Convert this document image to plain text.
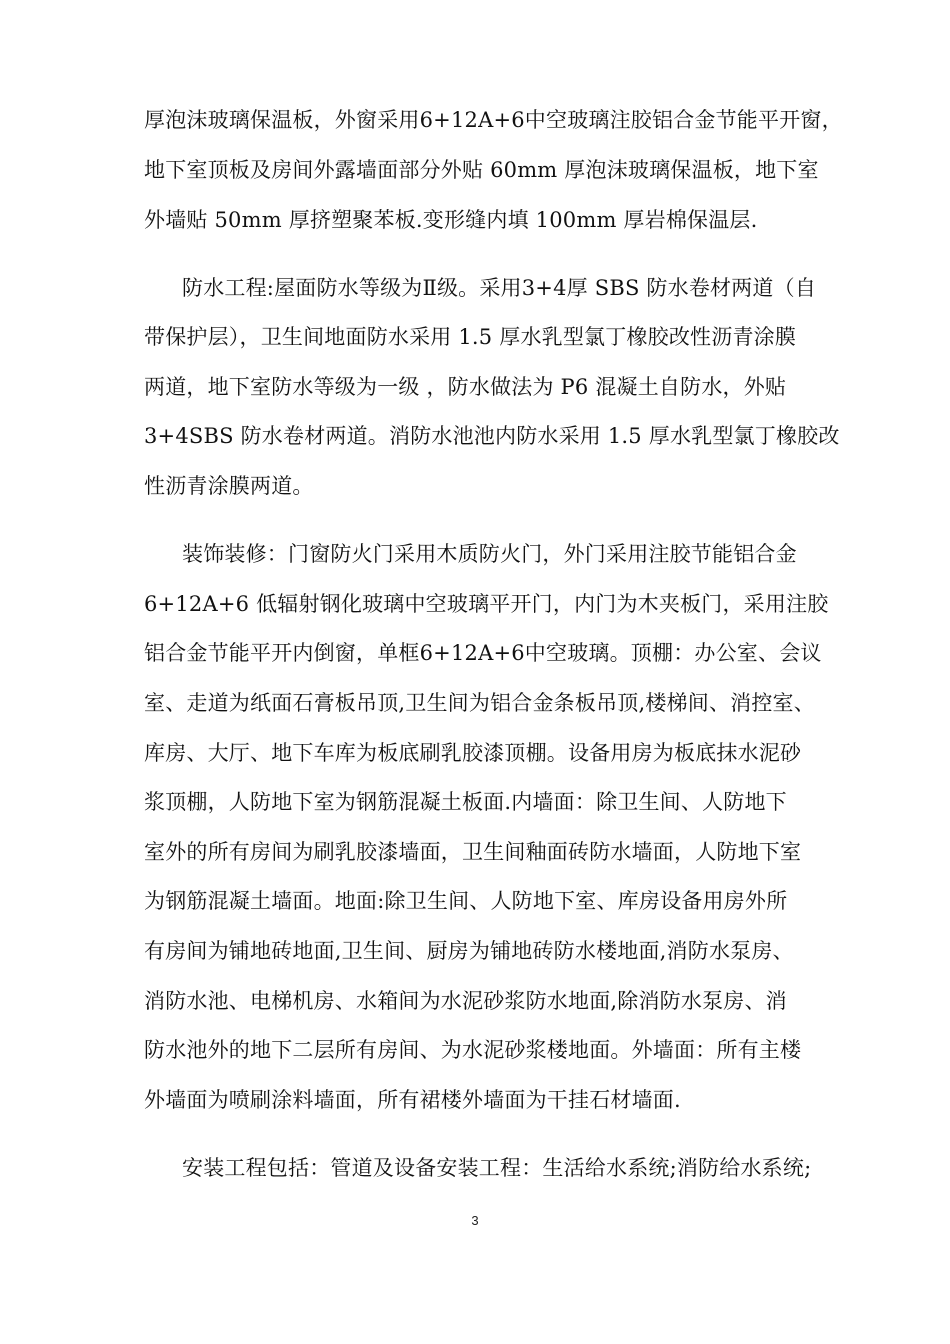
厚泡沫玻璃保温板，外窗采用6+12A+6中空玻璃注胶铝合金节能平开窗，
地下室顶板及房间外露墙面部分外贴 60mm 厚泡沫玻璃保温板，地下室
外墙贴 50mm 厚挤塑聚苯板.变形缝内填 100mm 厚岩棉保温层.
防水工程:屋面防水等级为Ⅱ级。采用3+4厚 SBS 防水卷材两道（自
带保护层），卫生间地面防水采用 1.5 厚水乳型氯丁橡胶改性沥青涂膜
两道，地下室防水等级为一级 ，防水做法为 P6 混凝土自防水，外贴
3+4SBS 防水卷材两道。消防水池池内防水采用 1.5 厚水乳型氯丁橡胶改
性沥青涂膜两道。
装饰装修：门窗防火门采用木质防火门，外门采用注胶节能铝合金
6+12A+6 低辐射钢化玻璃中空玻璃平开门，内门为木夹板门，采用注胶
铝合金节能平开内倒窗，单框6+12A+6中空玻璃。顶棚：办公室、会议
室、走道为纸面石膏板吊顶,卫生间为铝合金条板吊顶,楼梯间、消控室、
库房、大厅、地下车库为板底刷乳胶漆顶棚。设备用房为板底抹水泥砂
浆顶棚，人防地下室为钢筋混凝土板面.内墙面：除卫生间、人防地下
室外的所有房间为刷乳胶漆墙面，卫生间釉面砖防水墙面，人防地下室
为钢筋混凝土墙面。地面:除卫生间、人防地下室、库房设备用房外所
有房间为铺地砖地面,卫生间、厨房为铺地砖防水楼地面,消防水泵房、
消防水池、电梯机房、水箱间为水泥砂浆防水地面,除消防水泵房、消
防水池外的地下二层所有房间、为水泥砂浆楼地面。外墙面：所有主楼
外墙面为喷刷涂料墙面，所有裙楼外墙面为干挂石材墙面.
安装工程包括：管道及设备安装工程：生活给水系统;消防给水系统;
3
